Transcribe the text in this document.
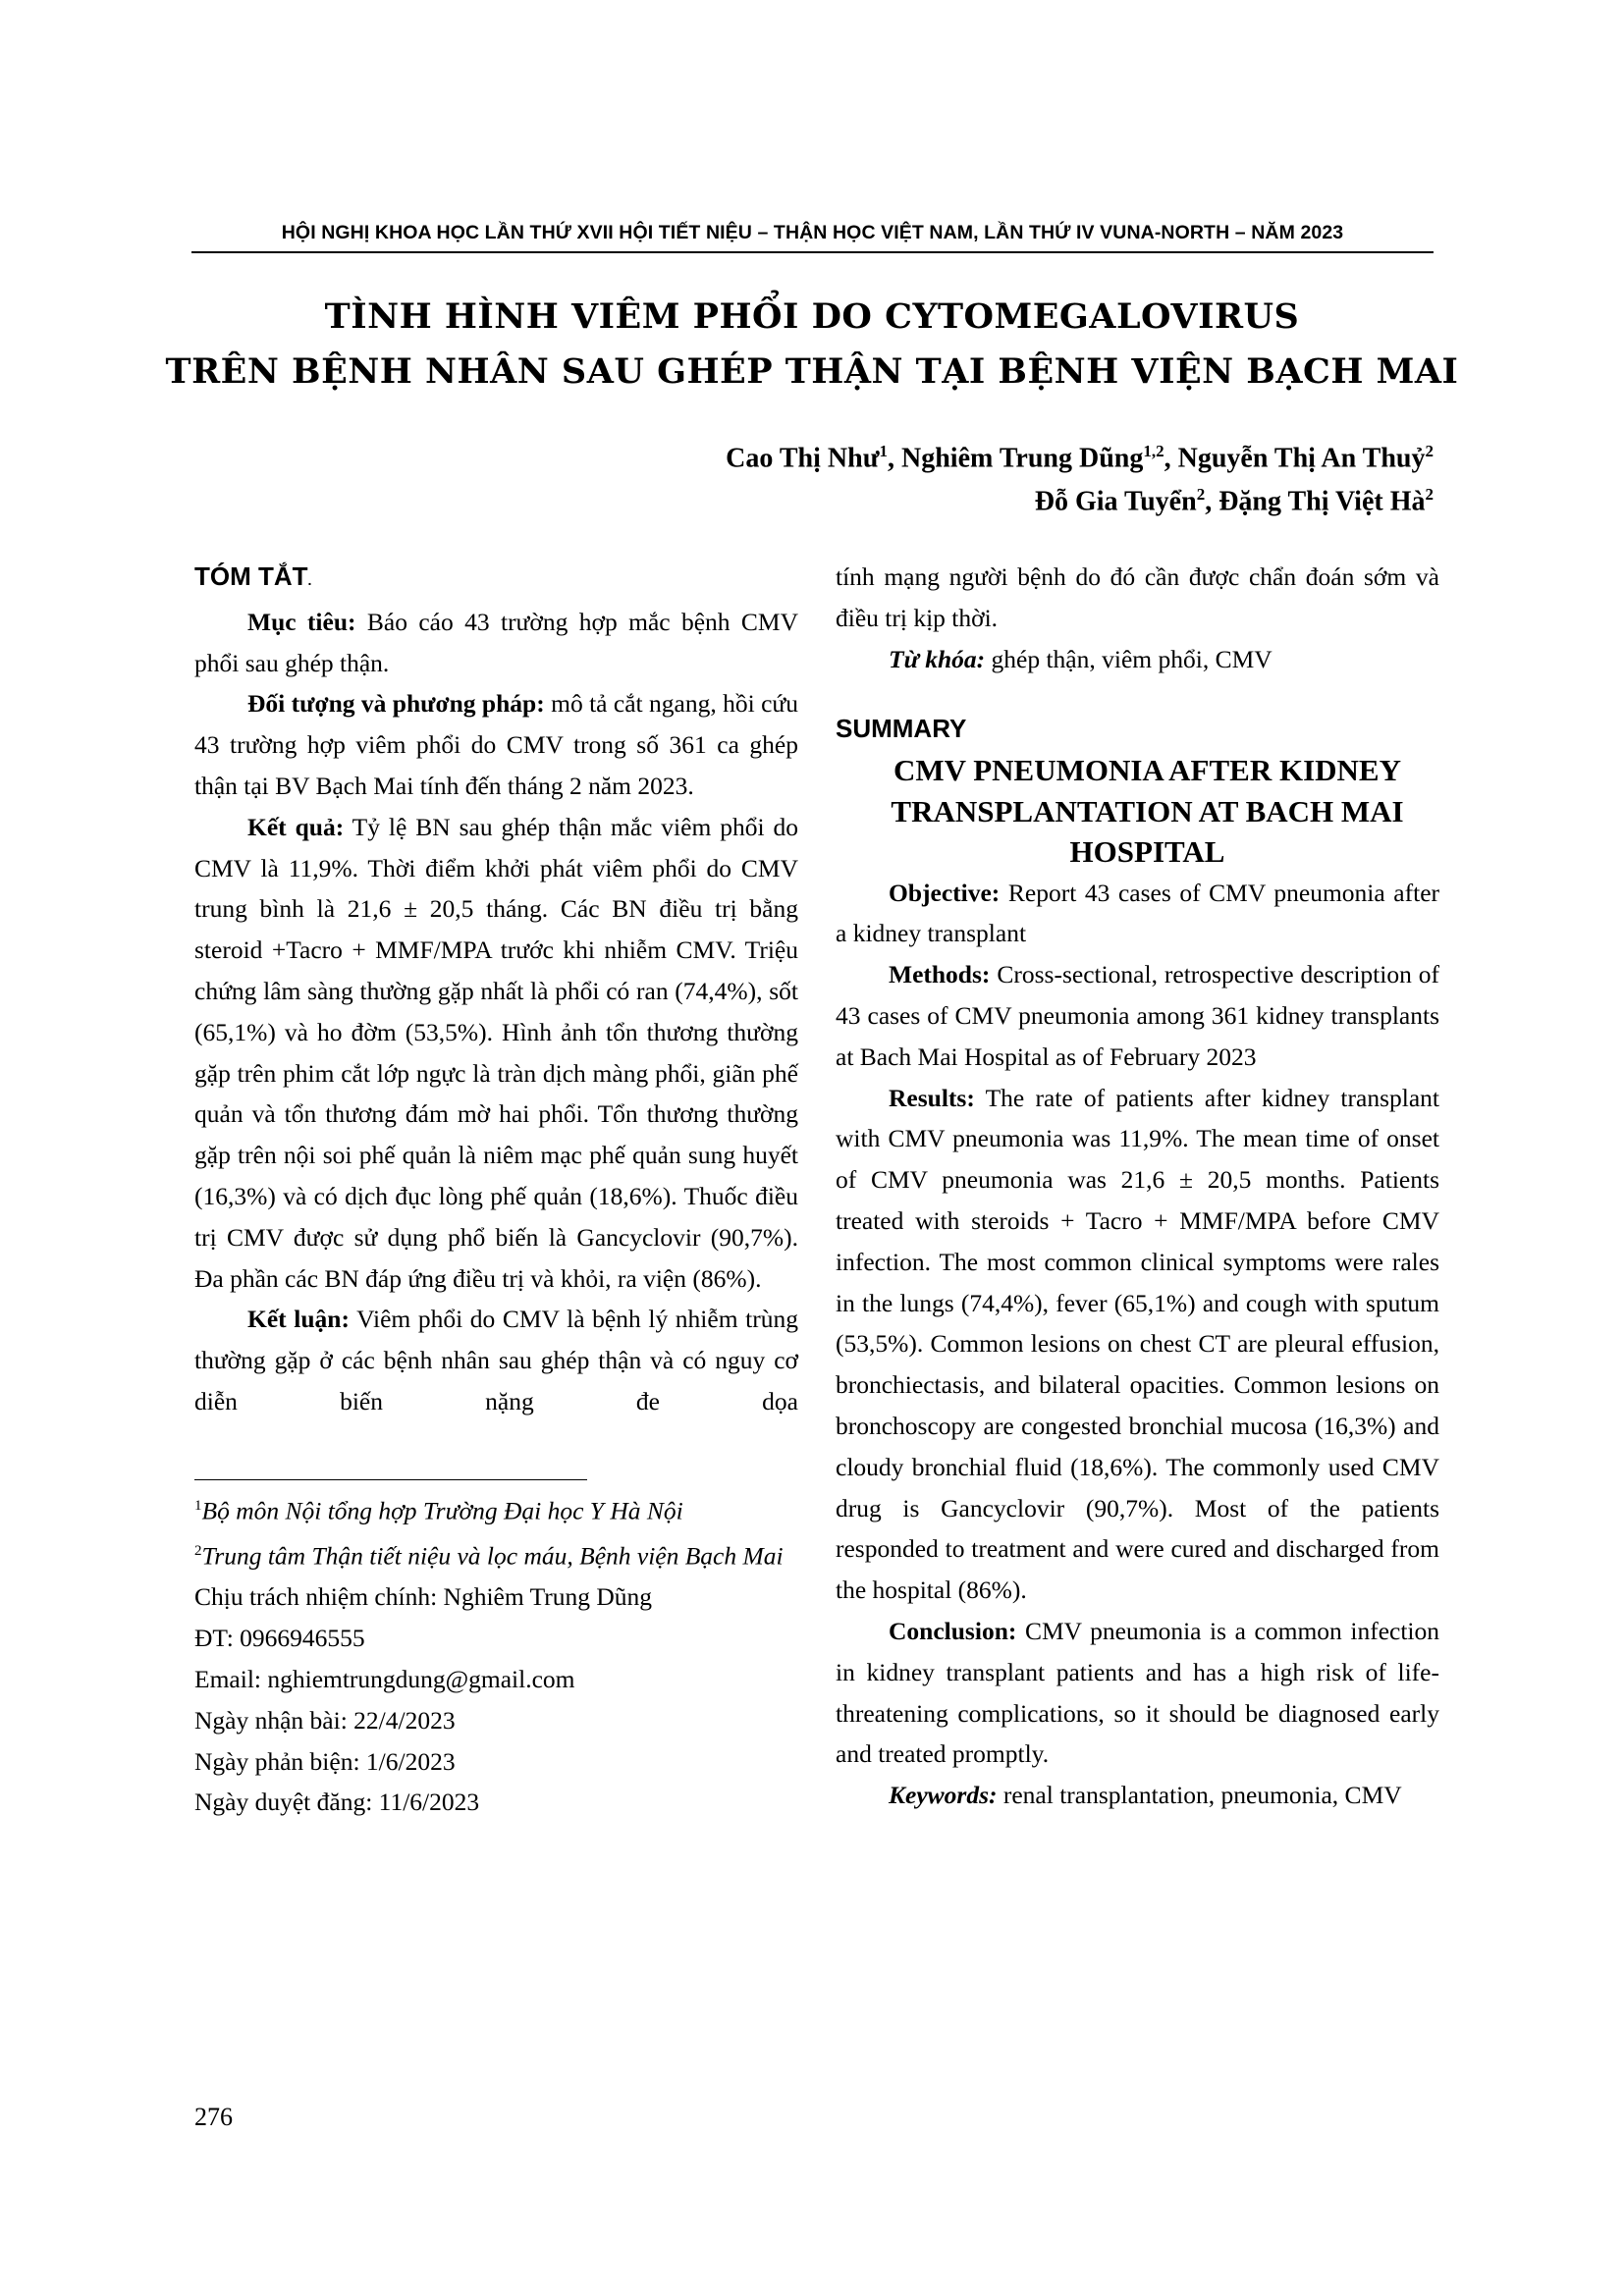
HỘI NGHỊ KHOA HỌC LẦN THỨ XVII HỘI TIẾT NIỆU – THẬN HỌC VIỆT NAM, LẦN THỨ IV VUNA-NORTH – NĂM 2023
TÌNH HÌNH VIÊM PHỔI DO CYTOMEGALOVIRUS
TRÊN BỆNH NHÂN SAU GHÉP THẬN TẠI BỆNH VIỆN BẠCH MAI
Cao Thị Như$^1$, Nghiêm Trung Dũng$^{1,2}$, Nguyễn Thị An Thuỷ$^2$
Đỗ Gia Tuyển$^2$, Đặng Thị Việt $Hà^2$

TÓM TẮT.

Mục tiêu: Báo cáo 43 trường hợp mắc bệnh CMV phổi sau ghép thận.

Đối tượng và phương pháp: mô tả cắt ngang, hồi cứu 43 trường hợp viêm phổi do CMV trong số 361 ca ghép thận tại BV Bạch Mai tính đến tháng 2 năm 2023.

Kết quả: Tỷ lệ BN sau ghép thận mắc viêm phổi do CMV là 11,9%. Thời điểm khởi phát viêm phổi do CMV trung bình là 21,6 ± 20,5 tháng. Các BN điều trị bằng steroid +Tacro + MMF/MPA trước khi nhiễm CMV. Triệu chứng lâm sàng thường gặp nhất là phổi có ran (74,4%), sốt (65,1%) và ho đờm (53,5%). Hình ảnh tổn thương thường gặp trên phim cắt lớp ngực là tràn dịch màng phổi, giãn phế quản và tổn thương đám mờ hai phổi. Tổn thương thường gặp trên nội soi phế quản là niêm mạc phế quản sung huyết (16,3%) và có dịch đục lòng phế quản (18,6%). Thuốc điều trị CMV được sử dụng phổ biến là Gancyclovir (90,7%). Đa phần các BN đáp ứng điều trị và khỏi, ra viện (86%).

Kết luận: Viêm phổi do CMV là bệnh lý nhiễm trùng thường gặp ở các bệnh nhân sau ghép thận và có nguy cơ diễn biến nặng đe dọa

$^1$Bộ môn Nội tổng hợp Trường Đại học Y Hà Nội

$^2$Trung tâm Thận tiết niệu và lọc máu, Bệnh viện Bạch Mai

Chịu trách nhiệm chính: Nghiêm Trung Dũng

ĐT: 0966946555

Email: nghiemtrungdung@gmail.com

Ngày nhận bài: 22/4/2023

Ngày phản biện: 1/6/2023

Ngày duyệt đăng: 11/6/2023

tính mạng người bệnh do đó cần được chẩn đoán sớm và điều trị kịp thời.

Từ khóa: ghép thận, viêm phổi, CMV

SUMMARY

CMV PNEUMONIA AFTER KIDNEY TRANSPLANTATION AT BACH MAI HOSPITAL

Objective: Report 43 cases of CMV pneumonia after a kidney transplant

Methods: Cross-sectional, retrospective description of 43 cases of CMV pneumonia among 361 kidney transplants at Bach Mai Hospital as of February 2023

Results: The rate of patients after kidney transplant with CMV pneumonia was 11,9%. The mean time of onset of CMV pneumonia was 21,6 ± 20,5 months. Patients treated with steroids + Tacro + MMF/MPA before CMV infection. The most common clinical symptoms were rales in the lungs (74,4%), fever (65,1%) and cough with sputum (53,5%). Common lesions on chest CT are pleural effusion, bronchiectasis, and bilateral opacities. Common lesions on bronchoscopy are congested bronchial mucosa (16,3%) and cloudy bronchial fluid (18,6%). The commonly used CMV drug is Gancyclovir (90,7%). Most of the patients responded to treatment and were cured and discharged from the hospital (86%).

Conclusion: CMV pneumonia is a common infection in kidney transplant patients and has a high risk of life-threatening complications, so it should be diagnosed early and treated promptly.

Keywords: renal transplantation, pneumonia, CMV

276
